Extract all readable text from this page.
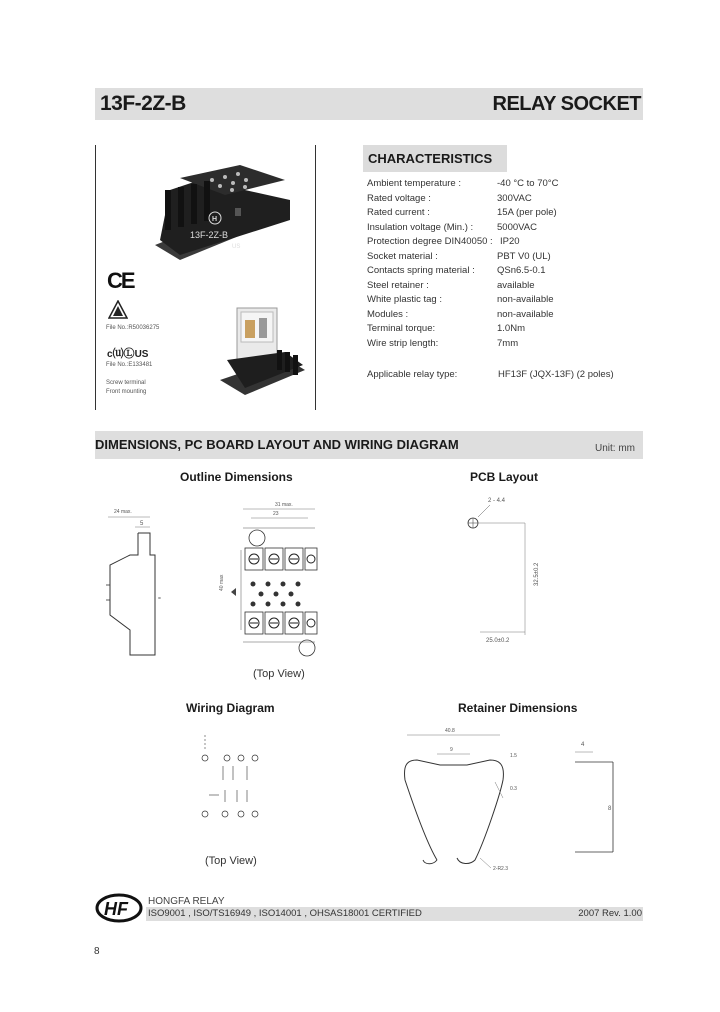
13F-2Z-B	RELAY SOCKET
H
13F-2Z-B
US
CE
File No.:R50036275
c⒰ⓁUS
File No.:E133481
Screw terminal
Front mounting
CHARACTERISTICS
Ambient temperature :	-40 °C to 70°C
Rated voltage :	300VAC
Rated current :	15A (per pole)
Insulation voltage (Min.) :	5000VAC
Protection degree DIN40050 : IP20
Socket material :	PBT V0 (UL)
Contacts spring material : QSn6.5-0.1
Steel retainer :	available
White plastic tag :	non-available
Modules :	non-available
Terminal torque:	1.0Nm
Wire strip length:	7mm
Applicable relay type:	HF13F (JQX-13F) (2 poles)
DIMENSIONS, PC BOARD LAYOUT AND WIRING DIAGRAM	Unit: mm
Outline Dimensions	PCB Layout
24 max.
5
=
31 max.
23
40 max
(Top View)
2 - 4.4
32.5±0.2
25.0±0.2
Wiring Diagram	Retainer Dimensions
(Top View)
40.8
9
1.5
0.3
2-R2.3
4
8
HF HONGFA RELAY
ISO9001 , ISO/TS16949 , ISO14001 , OHSAS18001 CERTIFIED	2007 Rev. 1.00
8
